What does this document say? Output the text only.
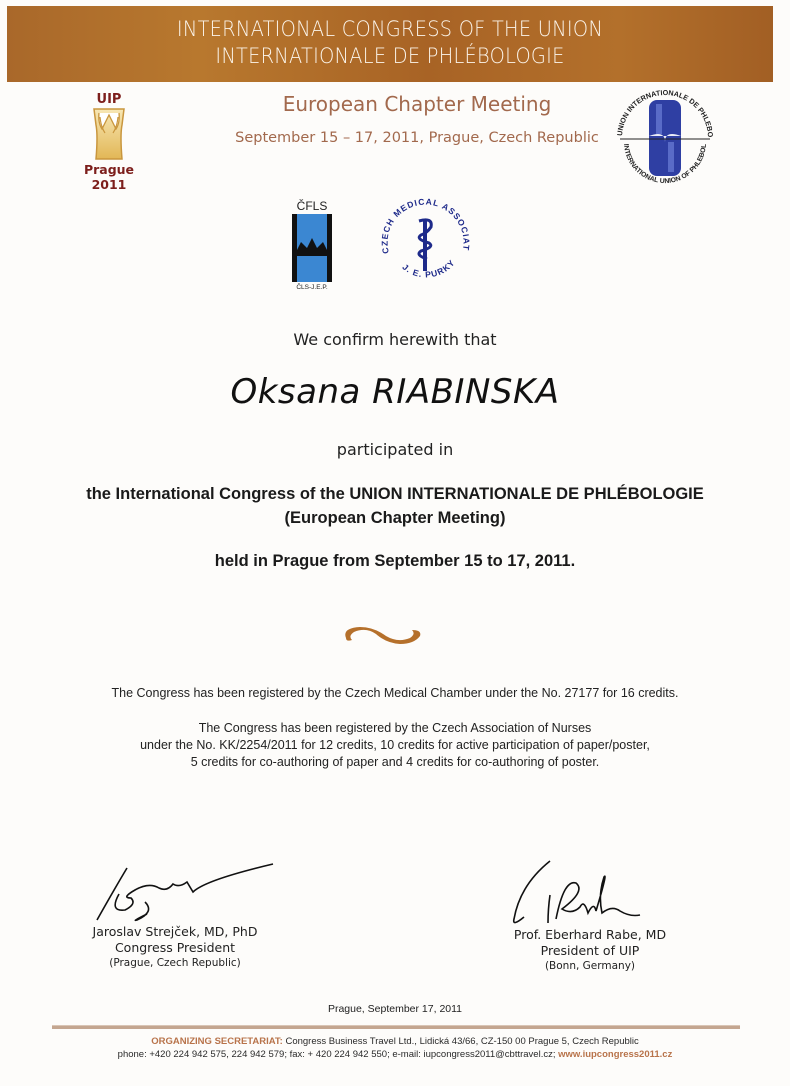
INTERNATIONAL CONGRESS OF THE UNION
INTERNATIONALE DE PHLÉBOLOGIE
UIP
Prague 2011
European Chapter Meeting
September 15 – 17, 2011, Prague, Czech Republic	UNION INTERNATIONALE DE PHLEBO
INTERNATIONAL UNION OF PHLEBOL
ČFLS
ČLS-J.E.P.
CZECH MEDICAL ASSOCIAT
J. E. PURKY
We confirm herewith that
Oksana RIABINSKA
participated in
the International Congress of the UNION INTERNATIONALE DE PHLÉBOLOGIE
(European Chapter Meeting)
held in Prague from September 15 to 17, 2011.
The Congress has been registered by the Czech Medical Chamber under the No. 27177 for 16 credits.
The Congress has been registered by the Czech Association of Nurses
under the No. KK/2254/2011 for 12 credits, 10 credits for active participation of paper/poster,
5 credits for co-authoring of paper and 4 credits for co-authoring of poster.
Jaroslav Strejček, MD, PhD
Congress President
(Prague, Czech Republic)
Prof. Eberhard Rabe, MD
President of UIP
(Bonn, Germany)
Prague, September 17, 2011
ORGANIZING SECRETARIAT: Congress Business Travel Ltd., Lidická 43/66, CZ-150 00 Prague 5, Czech Republic
phone: +420 224 942 575, 224 942 579; fax: + 420 224 942 550; e-mail: iupcongress2011@cbttravel.cz; www.iupcongress2011.cz
